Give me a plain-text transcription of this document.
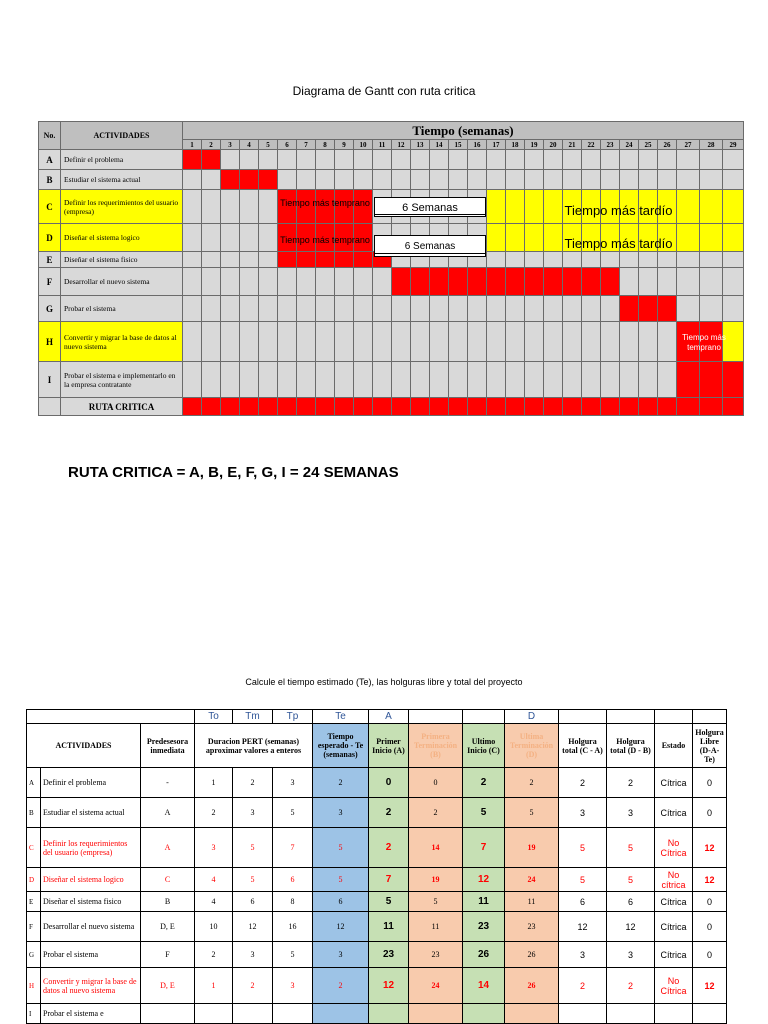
Diagrama de Gantt con ruta critica
No.	ACTIVIDADES	Tiempo (semanas)																												
		1	2	3	4	5	6	7	8	9	10	11	12	13	14	15	16	17	18	19	20	21	22	23	24	25	26	27	28	29
A	Definir el problema																													
B	Estudiar el sistema actual																													
C	Definir los requerimientos del usuario (empresa)																													
D	Diseñar el sistema logico																													
E	Diseñar el sistema fisico																													
F	Desarrollar el nuevo sistema																													
G	Probar el sistema																													
H	Convertir y migrar la base de datos al nuevo sistema																													
I	Probar el sistema e implementarlo en la empresa contratante																													
	RUTA CRITICA																													
Tiempo más temprano	6 Semanas	Tiempo más tardío
Tiempo más temprano
6 Semanas	Tiempo más tardío
Tiempo más temprano
RUTA CRITICA = A, B, E, F, G, I = 24 SEMANAS
Calcule el tiempo estimado (Te), las holguras libre y total del proyecto
			To	Tm	Tp	Te	A			D				
ACTIVIDADES		Predesesora inmediata	Duracion PERT (semanas) aproximar valores a enteros			Tiempo esperado - Te (semanas)	Primer Inicio (A)	Primera Terminación (B)	Ultimo Inicio (C)	Ultima Terminación (D)	Holgura total (C - A)	Holgura total (D - B)	Estado	Holgura Libre (D-A-Te)
A	Definir el problema	-	1	2	3	2	0	0	2	2	2	2	Cítrica	0
B	Estudiar el sistema actual	A	2	3	5	3	2	2	5	5	3	3	Cítrica	0
C	Definir los requerimientos del usuario (empresa)	A	3	5	7	5	2	14	7	19	5	5	No Cítrica	12
D	Diseñar el sistema logico	C	4	5	6	5	7	19	12	24	5	5	No cítrica	12
E	Diseñar el sistema fisico	B	4	6	8	6	5	5	11	11	6	6	Cítrica	0
F	Desarrollar el nuevo sistema	D, E	10	12	16	12	11	11	23	23	12	12	Cítrica	0
G	Probar el sistema	F	2	3	5	3	23	23	26	26	3	3	Cítrica	0
H	Convertir y migrar la base de datos al nuevo sistema	D, E	1	2	3	2	12	24	14	26	2	2	No Cítrica	12
I	Probar el sistema e													
